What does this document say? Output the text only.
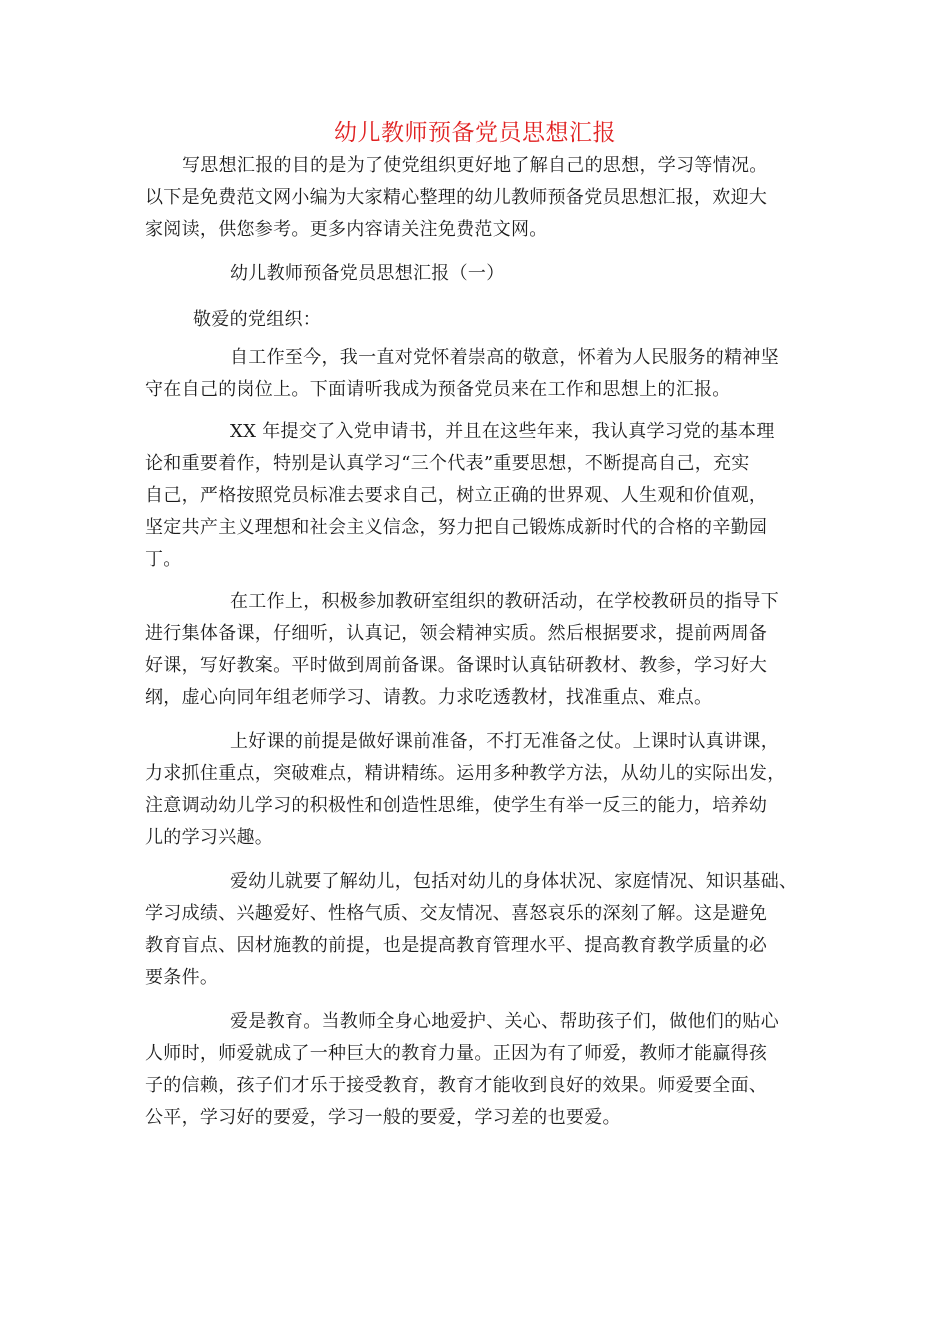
幼儿教师预备党员思想汇报
写思想汇报的目的是为了使党组织更好地了解自己的思想，学习等情况。
以下是免费范文网小编为大家精心整理的幼儿教师预备党员思想汇报，欢迎大
家阅读，供您参考。更多内容请关注免费范文网。
幼儿教师预备党员思想汇报（一）
敬爱的党组织：
自工作至今，我一直对党怀着崇高的敬意，怀着为人民服务的精神坚
守在自己的岗位上。下面请听我成为预备党员来在工作和思想上的汇报。
XX 年提交了入党申请书，并且在这些年来，我认真学习党的基本理
论和重要着作，特别是认真学习“三个代表”重要思想，不断提高自己，充实
自己，严格按照党员标准去要求自己，树立正确的世界观、人生观和价值观，
坚定共产主义理想和社会主义信念，努力把自己锻炼成新时代的合格的辛勤园
丁。
在工作上，积极参加教研室组织的教研活动，在学校教研员的指导下
进行集体备课，仔细听，认真记，领会精神实质。然后根据要求，提前两周备
好课，写好教案。平时做到周前备课。备课时认真钻研教材、教参，学习好大
纲，虚心向同年组老师学习、请教。力求吃透教材，找准重点、难点。
上好课的前提是做好课前准备，不打无准备之仗。上课时认真讲课，
力求抓住重点，突破难点，精讲精练。运用多种教学方法，从幼儿的实际出发，
注意调动幼儿学习的积极性和创造性思维，使学生有举一反三的能力，培养幼
儿的学习兴趣。
爱幼儿就要了解幼儿，包括对幼儿的身体状况、家庭情况、知识基础、
学习成绩、兴趣爱好、性格气质、交友情况、喜怒哀乐的深刻了解。这是避免
教育盲点、因材施教的前提，也是提高教育管理水平、提高教育教学质量的必
要条件。
爱是教育。当教师全身心地爱护、关心、帮助孩子们，做他们的贴心
人师时，师爱就成了一种巨大的教育力量。正因为有了师爱，教师才能赢得孩
子的信赖，孩子们才乐于接受教育，教育才能收到良好的效果。师爱要全面、
公平，学习好的要爱，学习一般的要爱，学习差的也要爱。
